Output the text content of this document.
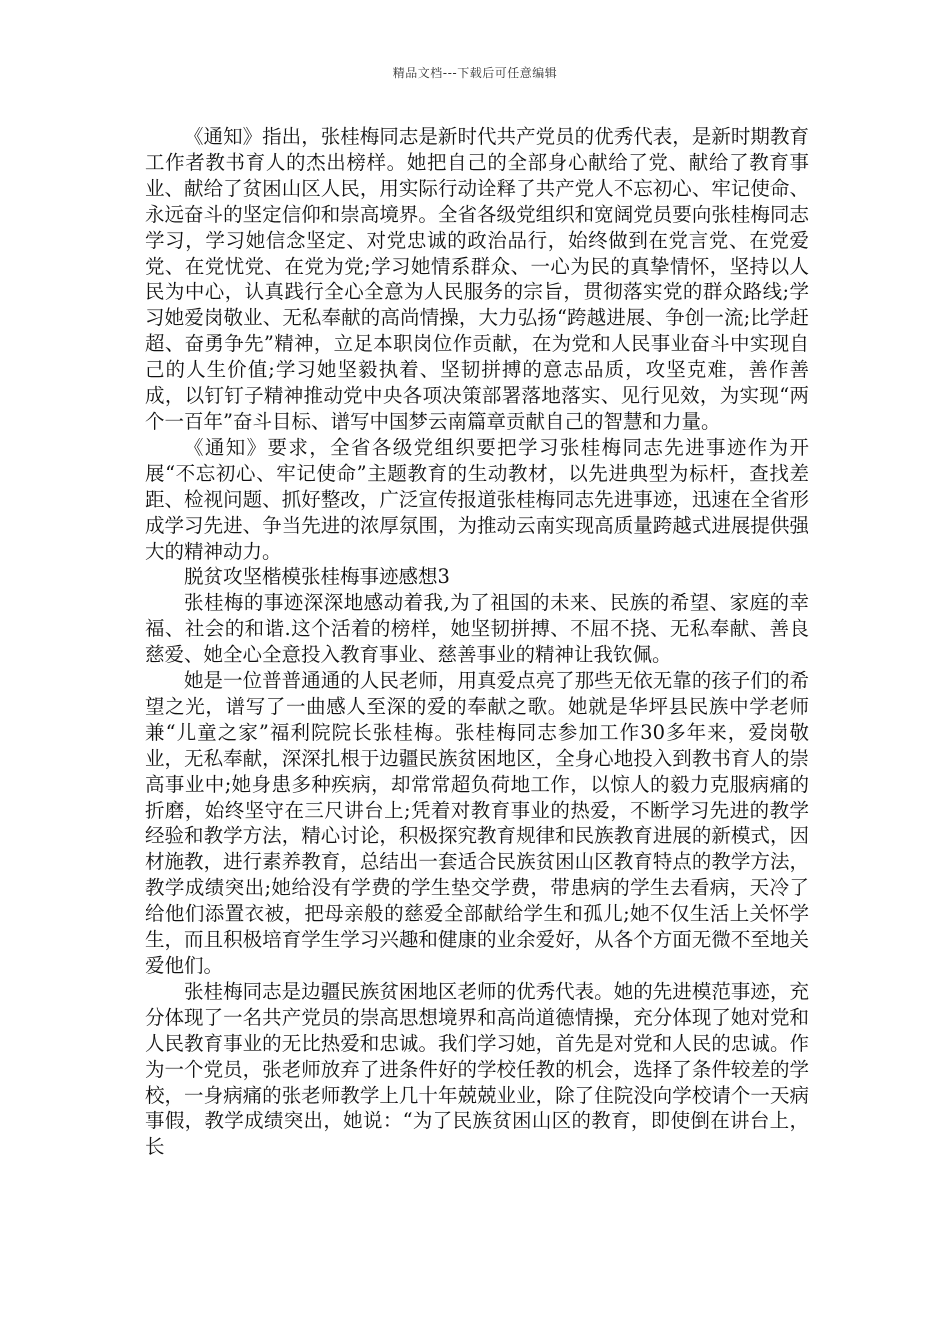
精品文档---下载后可任意编辑

《通知》指出，张桂梅同志是新时代共产党员的优秀代表，是新时期教育工作者教书育人的杰出榜样。她把自己的全部身心献给了党、献给了教育事业、献给了贫困山区人民，用实际行动诠释了共产党人不忘初心、牢记使命、永远奋斗的坚定信仰和崇高境界。全省各级党组织和宽阔党员要向张桂梅同志学习，学习她信念坚定、对党忠诚的政治品行，始终做到在党言党、在党爱党、在党忧党、在党为党;学习她情系群众、一心为民的真挚情怀，坚持以人民为中心，认真践行全心全意为人民服务的宗旨，贯彻落实党的群众路线;学习她爱岗敬业、无私奉献的高尚情操，大力弘扬“跨越进展、争创一流;比学赶超、奋勇争先”精神，立足本职岗位作贡献，在为党和人民事业奋斗中实现自己的人生价值;学习她坚毅执着、坚韧拼搏的意志品质，攻坚克难，善作善成，以钉钉子精神推动党中央各项决策部署落地落实、见行见效，为实现“两个一百年”奋斗目标、谱写中国梦云南篇章贡献自己的智慧和力量。

《通知》要求，全省各级党组织要把学习张桂梅同志先进事迹作为开展“不忘初心、牢记使命”主题教育的生动教材，以先进典型为标杆，查找差距、检视问题、抓好整改，广泛宣传报道张桂梅同志先进事迹，迅速在全省形成学习先进、争当先进的浓厚氛围，为推动云南实现高质量跨越式进展提供强大的精神动力。

脱贫攻坚楷模张桂梅事迹感想3

张桂梅的事迹深深地感动着我,为了祖国的未来、民族的希望、家庭的幸福、社会的和谐.这个活着的榜样，她坚韧拼搏、不屈不挠、无私奉献、善良慈爱、她全心全意投入教育事业、慈善事业的精神让我钦佩。

她是一位普普通通的人民老师，用真爱点亮了那些无依无靠的孩子们的希望之光，谱写了一曲感人至深的爱的奉献之歌。她就是华坪县民族中学老师兼“儿童之家”福利院院长张桂梅。张桂梅同志参加工作30多年来，爱岗敬业，无私奉献，深深扎根于边疆民族贫困地区，全身心地投入到教书育人的崇高事业中;她身患多种疾病，却常常超负荷地工作，以惊人的毅力克服病痛的折磨，始终坚守在三尺讲台上;凭着对教育事业的热爱，不断学习先进的教学经验和教学方法，精心讨论，积极探究教育规律和民族教育进展的新模式，因材施教，进行素养教育，总结出一套适合民族贫困山区教育特点的教学方法，教学成绩突出;她给没有学费的学生垫交学费，带患病的学生去看病，天冷了给他们添置衣被，把母亲般的慈爱全部献给学生和孤儿;她不仅生活上关怀学生，而且积极培育学生学习兴趣和健康的业余爱好，从各个方面无微不至地关爱他们。

张桂梅同志是边疆民族贫困地区老师的优秀代表。她的先进模范事迹，充分体现了一名共产党员的崇高思想境界和高尚道德情操，充分体现了她对党和人民教育事业的无比热爱和忠诚。我们学习她，首先是对党和人民的忠诚。作为一个党员，张老师放弃了进条件好的学校任教的机会，选择了条件较差的学校，一身病痛的张老师教学上几十年兢兢业业，除了住院没向学校请个一天病事假，教学成绩突出，她说：“为了民族贫困山区的教育，即使倒在讲台上，长
